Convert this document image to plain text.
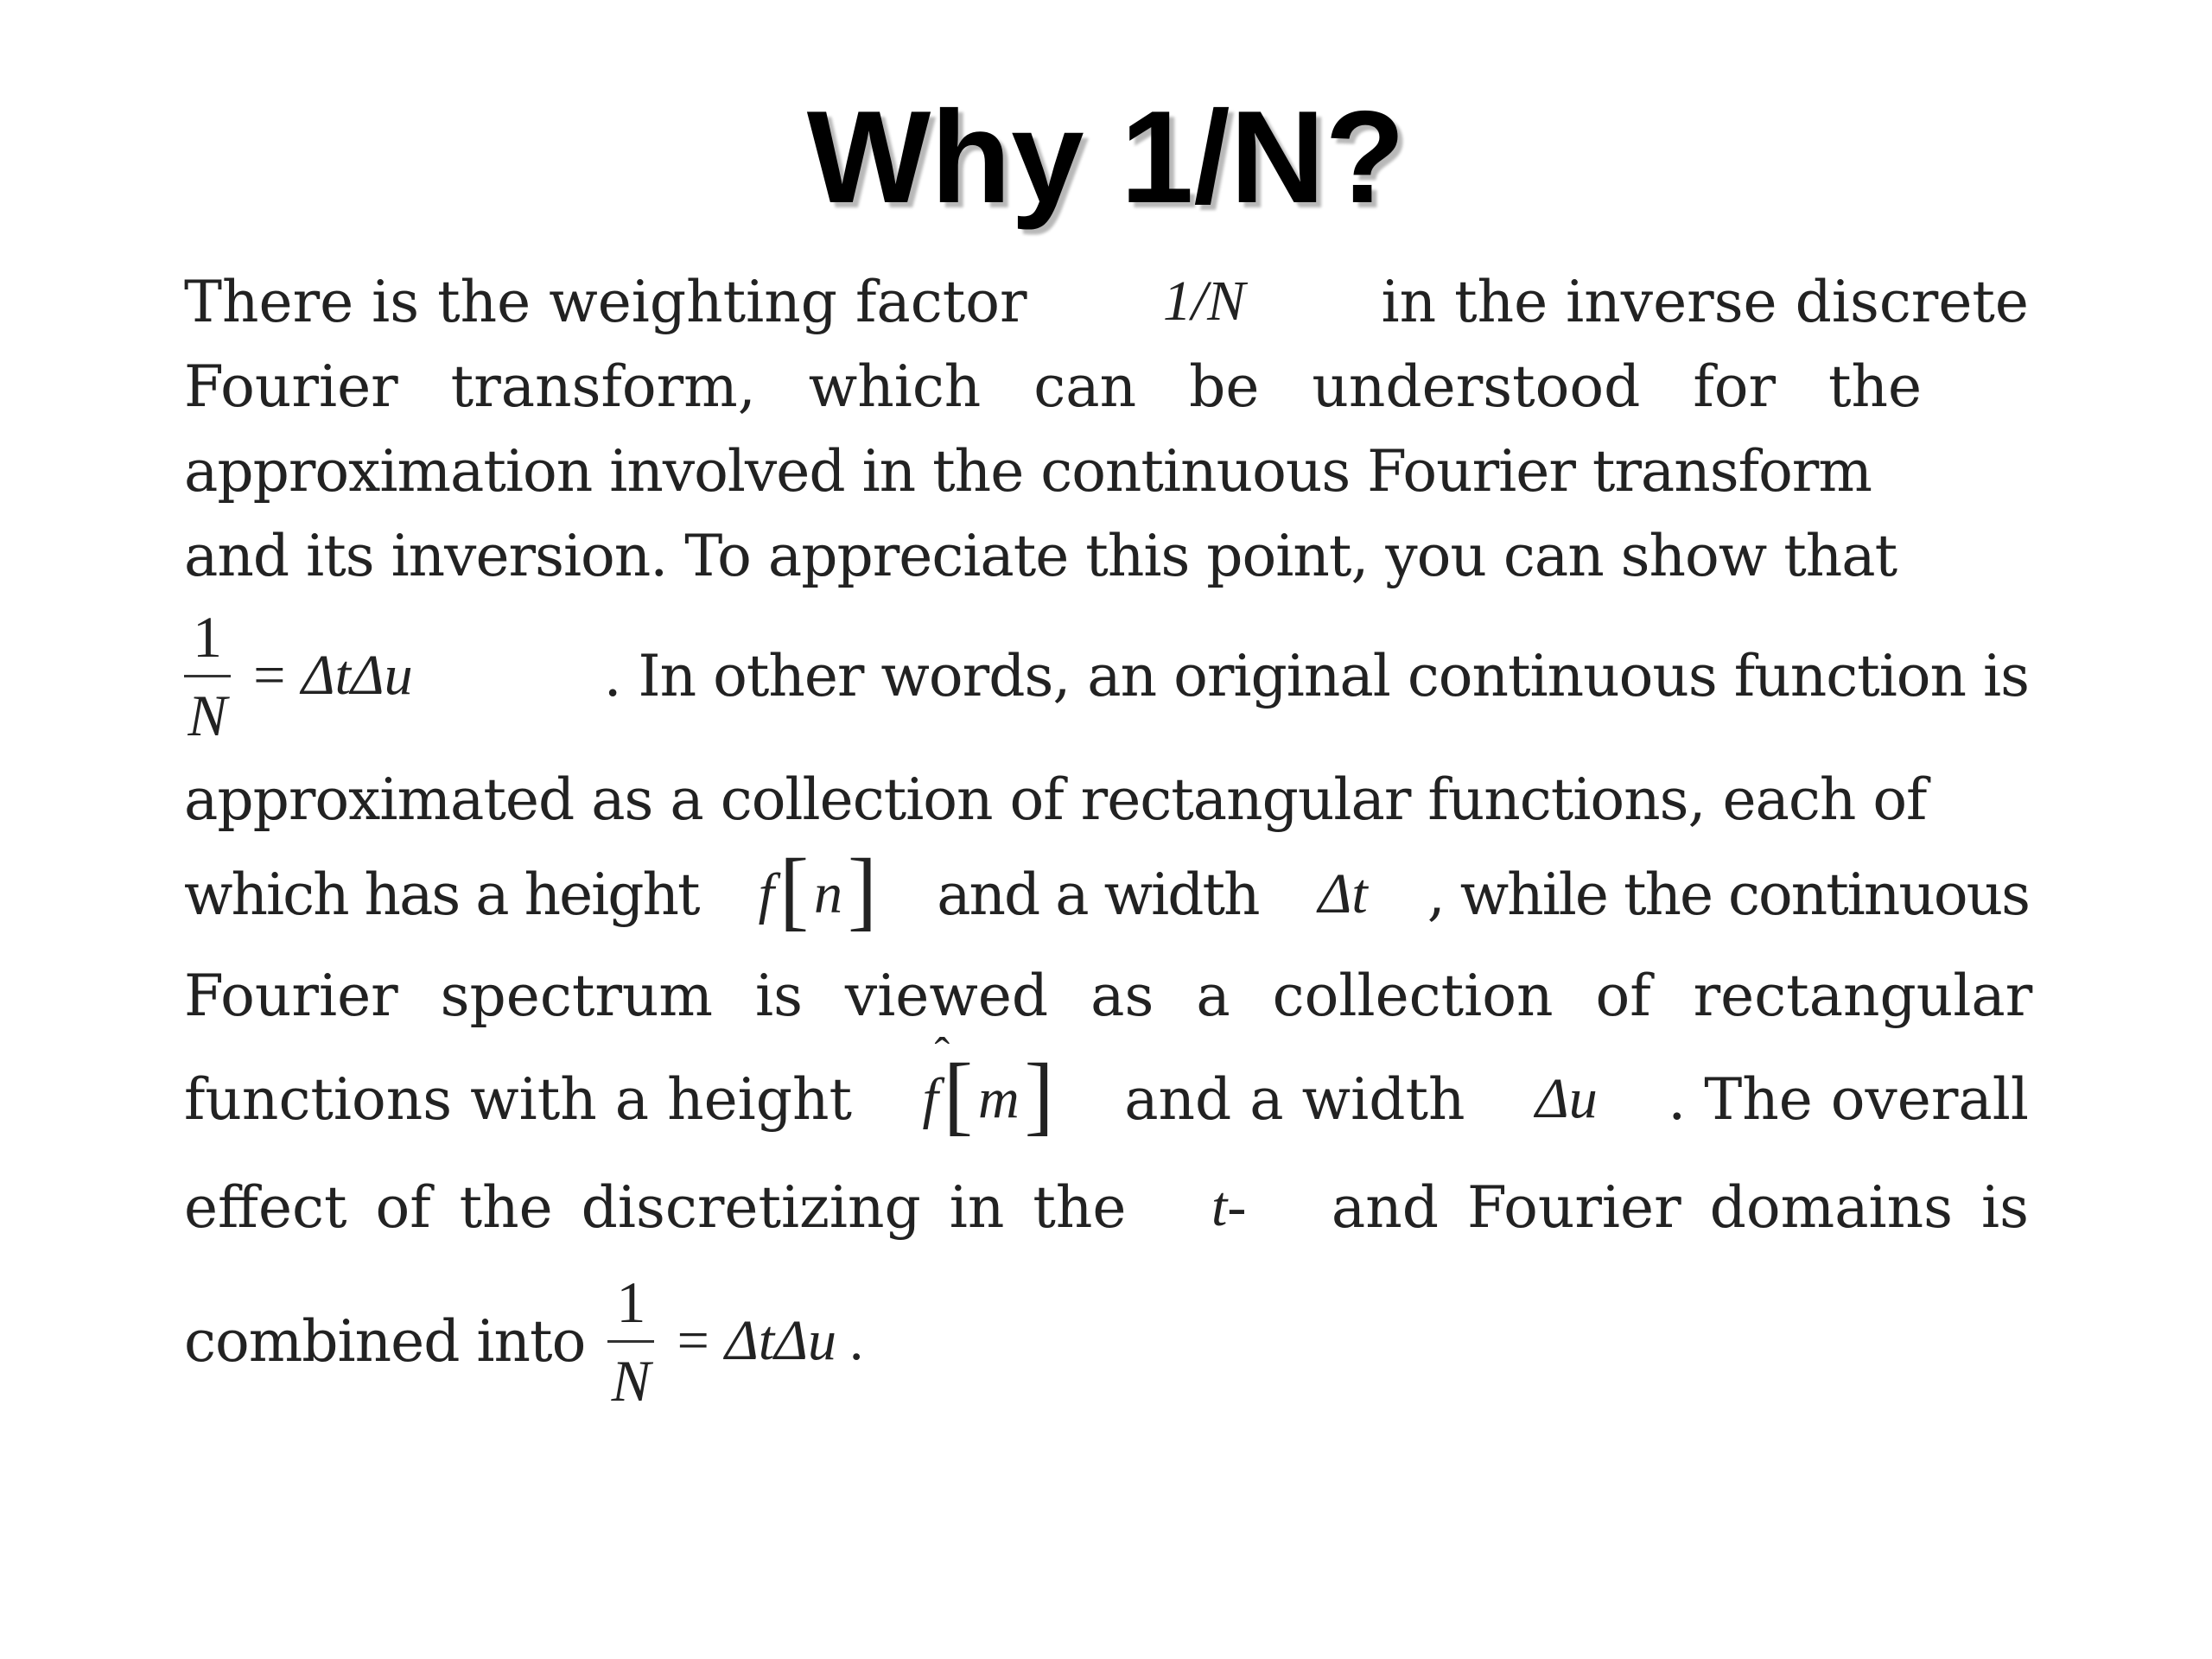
Why 1/N?
There is the weighting factor 1/N in the inverse discrete
Fourier transform, which can be understood for the
approximation involved in the continuous Fourier transform
and its inversion. To appreciate this point, you can show that
$\frac{1}{N} = \Delta t\Delta u$	. In other words, an original continuous function is
approximated as a collection of rectangular functions, each of
which has a height f [ n ] and a width Δt , while the continuous
Fourier spectrum is viewed as a collection of rectangular
functions with a height
ˆ
f [ m ] and a width Δu . The overall
effect of the discretizing in the t- and Fourier domains is
combined into $\frac{1}{N} = \Delta t\Delta u$ .
